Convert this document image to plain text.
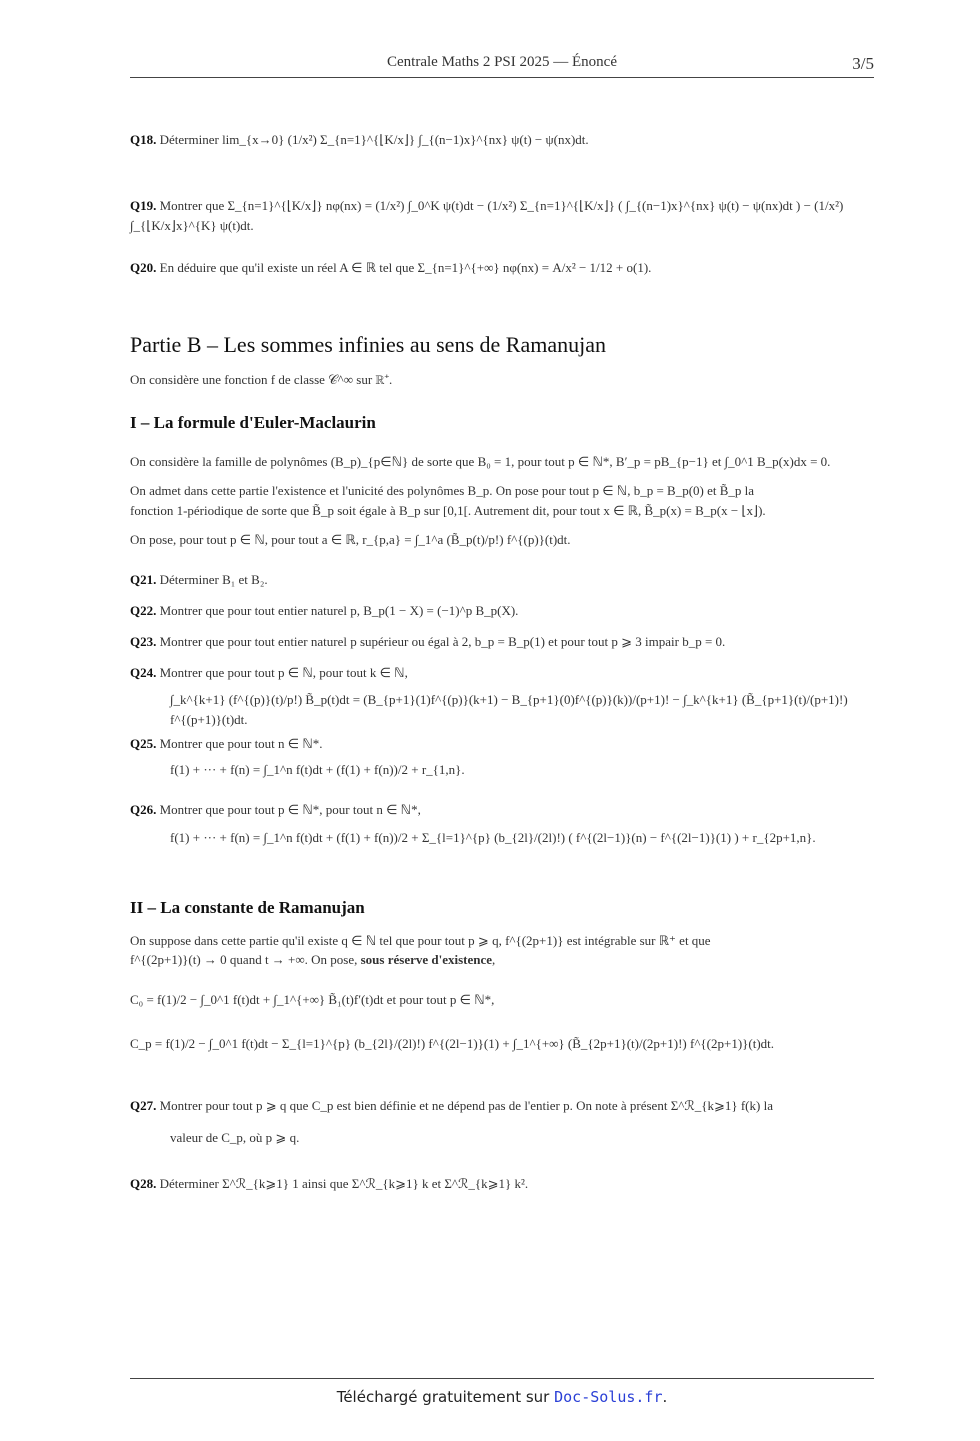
Centrale Maths 2 PSI 2025 — Énoncé	3/5
Q18. Déterminer lim_{x→0} (1/x²) Σ_{n=1}^{⌊K/x⌋} ∫_{(n−1)x}^{nx} ψ(t) − ψ(nx)dt.
Q19. Montrer que Σ_{n=1}^{⌊K/x⌋} nφ(nx) = (1/x²) ∫_0^K ψ(t)dt − (1/x²) Σ_{n=1}^{⌊K/x⌋} ( ∫_{(n−1)x}^{nx} ψ(t) − ψ(nx)dt ) − (1/x²) ∫_{⌊K/x⌋x}^{K} ψ(t)dt.
Q20. En déduire que qu'il existe un réel A ∈ ℝ tel que Σ_{n=1}^{+∞} nφ(nx) = A/x² − 1/12 + o(1).
Partie B – Les sommes infinies au sens de Ramanujan
On considère une fonction f de classe 𝒞^∞ sur ℝ⁺.
I – La formule d'Euler-Maclaurin
On considère la famille de polynômes (B_p)_{p∈ℕ} de sorte que B₀ = 1, pour tout p ∈ ℕ*, B′_p = pB_{p−1} et ∫_0^1 B_p(x)dx = 0.
On admet dans cette partie l'existence et l'unicité des polynômes B_p. On pose pour tout p ∈ ℕ, b_p = B_p(0) et B̃_p la
fonction 1-périodique de sorte que B̃_p soit égale à B_p sur [0,1[. Autrement dit, pour tout x ∈ ℝ, B̃_p(x) = B_p(x − ⌊x⌋).
On pose, pour tout p ∈ ℕ, pour tout a ∈ ℝ, r_{p,a} = ∫_1^a (B̃_p(t)/p!) f^{(p)}(t)dt.
Q21. Déterminer B₁ et B₂.
Q22. Montrer que pour tout entier naturel p, B_p(1 − X) = (−1)^p B_p(X).
Q23. Montrer que pour tout entier naturel p supérieur ou égal à 2, b_p = B_p(1) et pour tout p ⩾ 3 impair b_p = 0.
Q24. Montrer que pour tout p ∈ ℕ, pour tout k ∈ ℕ,
∫_k^{k+1} (f^{(p)}(t)/p!) B̃_p(t)dt = (B_{p+1}(1)f^{(p)}(k+1) − B_{p+1}(0)f^{(p)}(k))/(p+1)! − ∫_k^{k+1} (B̃_{p+1}(t)/(p+1)!) f^{(p+1)}(t)dt.
Q25. Montrer que pour tout n ∈ ℕ*.
f(1) + ··· + f(n) = ∫_1^n f(t)dt + (f(1) + f(n))/2 + r_{1,n}.
Q26. Montrer que pour tout p ∈ ℕ*, pour tout n ∈ ℕ*,
f(1) + ··· + f(n) = ∫_1^n f(t)dt + (f(1) + f(n))/2 + Σ_{l=1}^{p} (b_{2l}/(2l)!) ( f^{(2l−1)}(n) − f^{(2l−1)}(1) ) + r_{2p+1,n}.
II – La constante de Ramanujan
On suppose dans cette partie qu'il existe q ∈ ℕ tel que pour tout p ⩾ q, f^{(2p+1)} est intégrable sur ℝ⁺ et que
f^{(2p+1)}(t) → 0 quand t → +∞. On pose, sous réserve d'existence,
C₀ = f(1)/2 − ∫_0^1 f(t)dt + ∫_1^{+∞} B̃₁(t)f′(t)dt et pour tout p ∈ ℕ*,
C_p = f(1)/2 − ∫_0^1 f(t)dt − Σ_{l=1}^{p} (b_{2l}/(2l)!) f^{(2l−1)}(1) + ∫_1^{+∞} (B̃_{2p+1}(t)/(2p+1)!) f^{(2p+1)}(t)dt.
Q27. Montrer pour tout p ⩾ q que C_p est bien définie et ne dépend pas de l'entier p. On note à présent Σ^ℛ_{k⩾1} f(k) la
valeur de C_p, où p ⩾ q.
Q28. Déterminer Σ^ℛ_{k⩾1} 1 ainsi que Σ^ℛ_{k⩾1} k et Σ^ℛ_{k⩾1} k².
Téléchargé gratuitement sur Doc-Solus.fr.
